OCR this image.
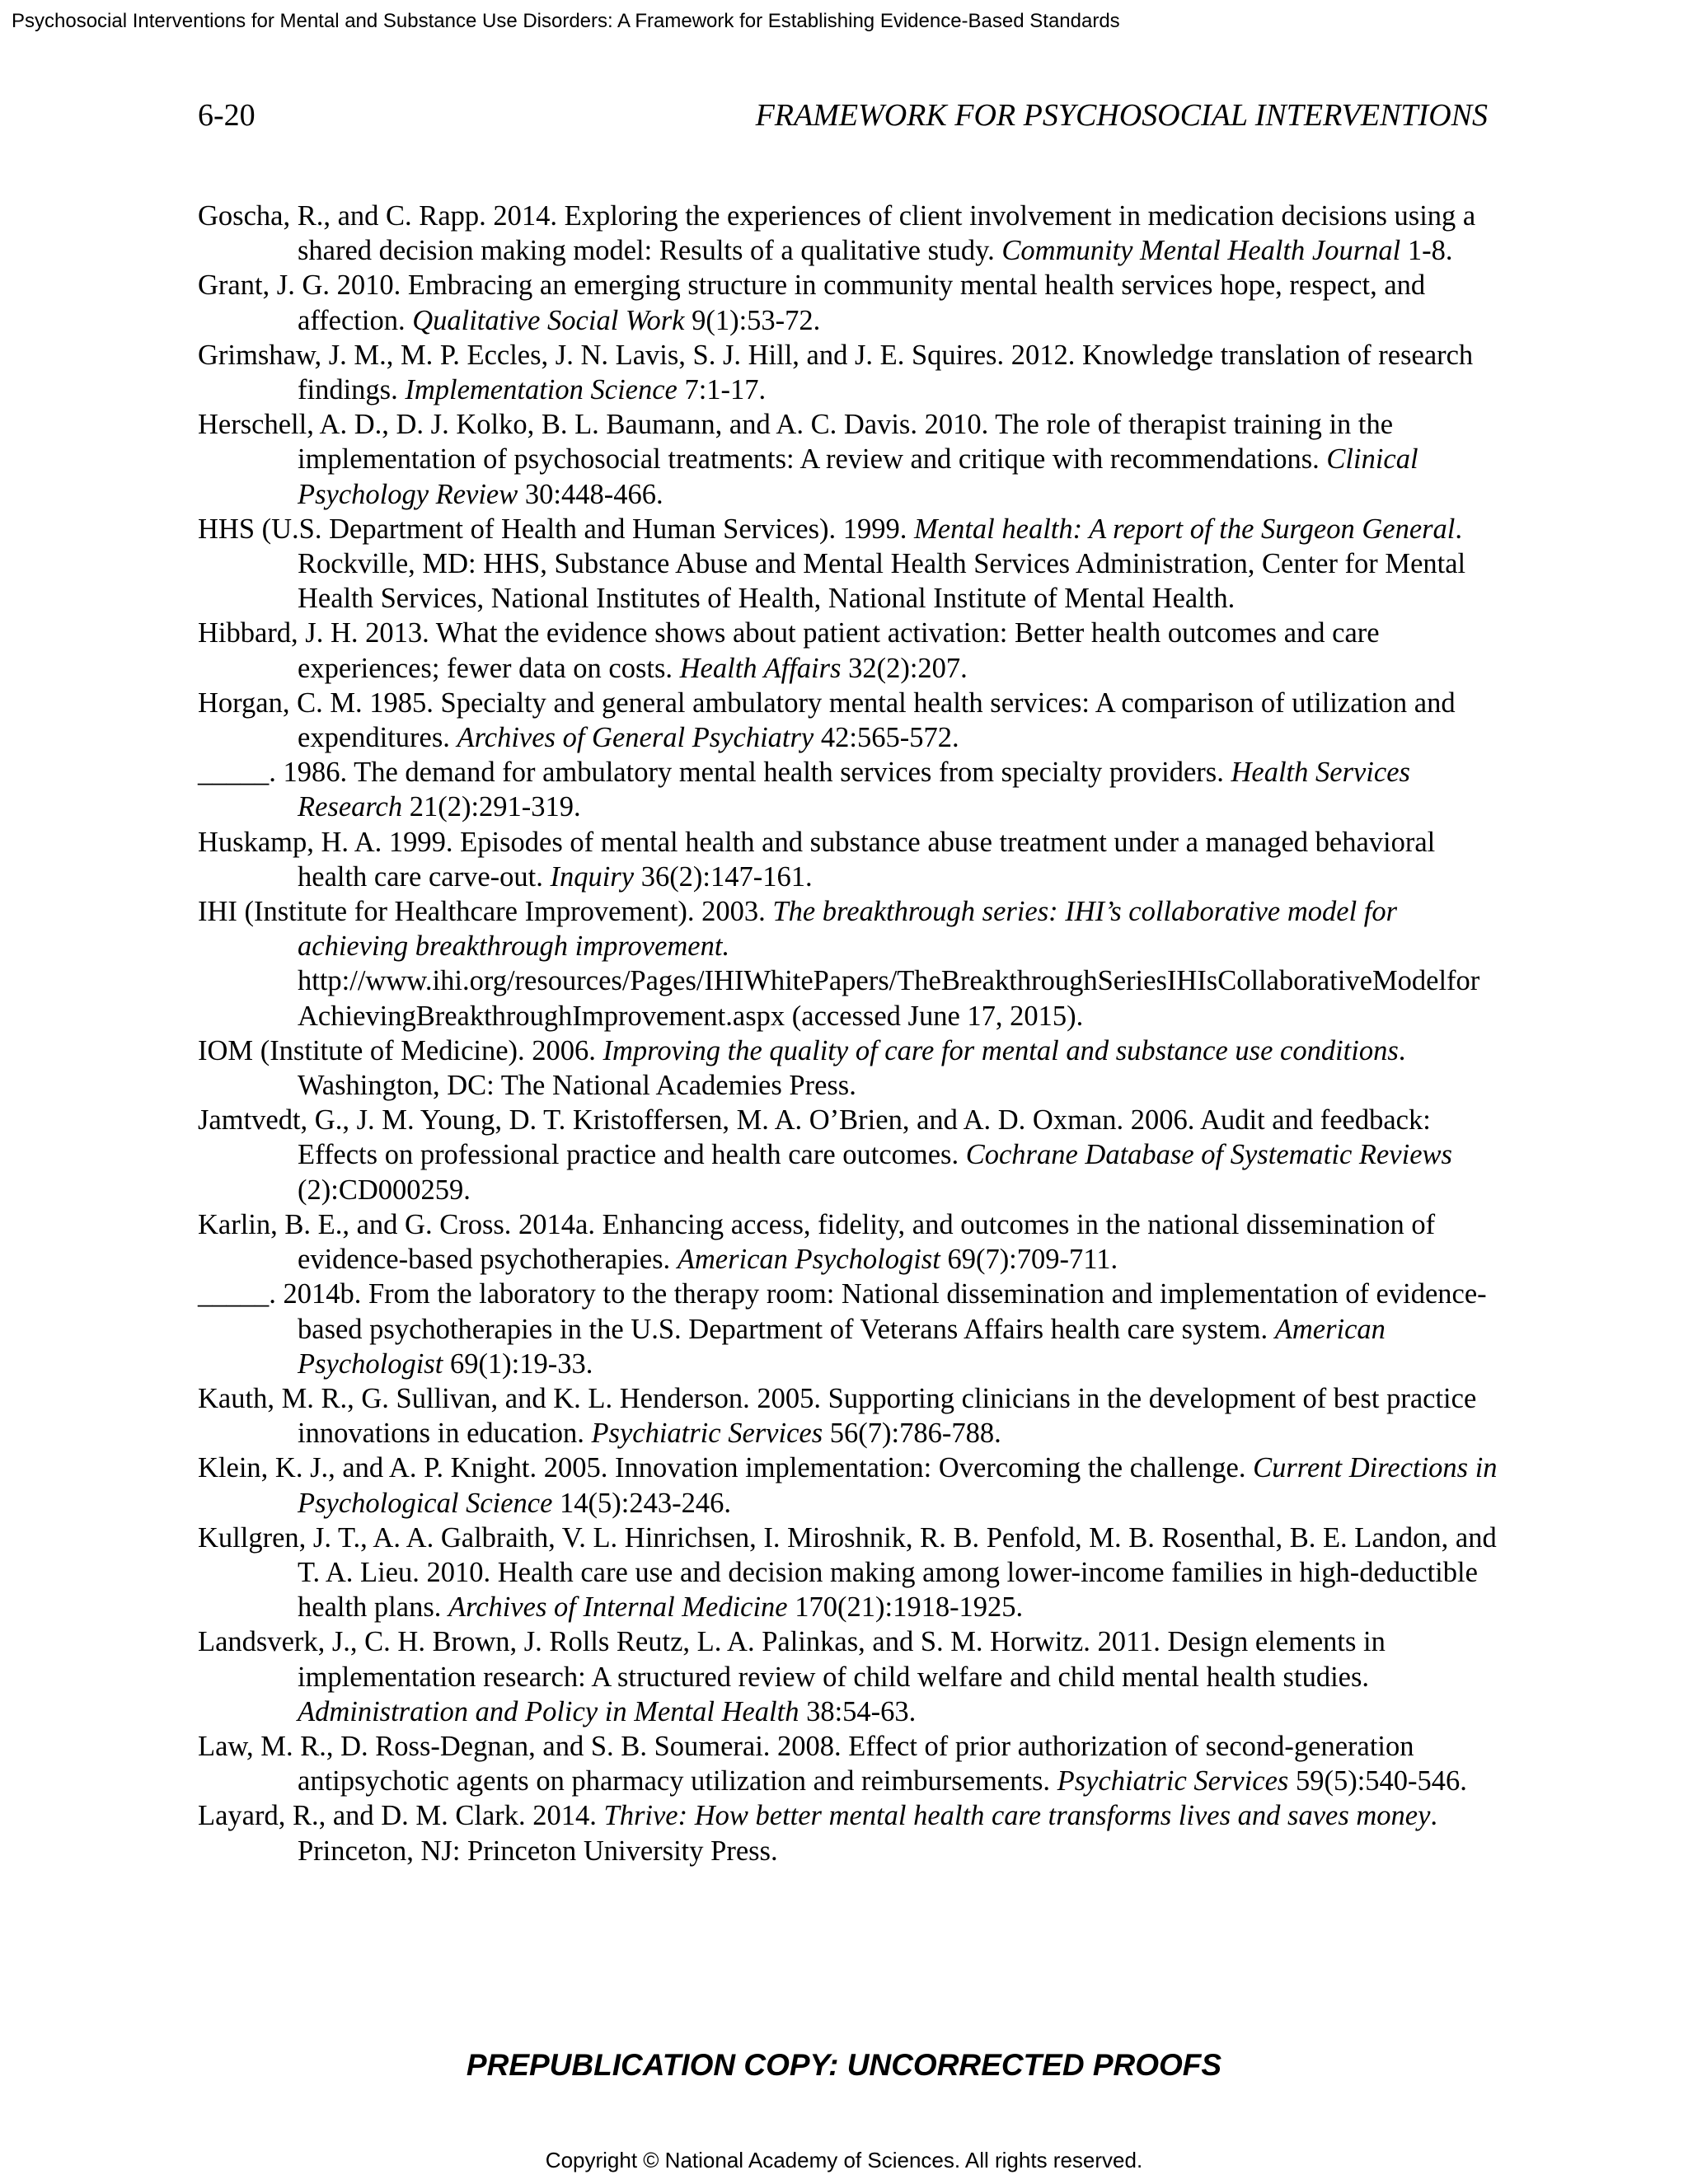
Psychosocial Interventions for Mental and Substance Use Disorders: A Framework for Establishing Evidence-Based Standards
6-20	FRAMEWORK FOR PSYCHOSOCIAL INTERVENTIONS
Goscha, R., and C. Rapp. 2014. Exploring the experiences of client involvement in medication decisions using a shared decision making model: Results of a qualitative study. Community Mental Health Journal 1-8.
Grant, J. G. 2010. Embracing an emerging structure in community mental health services hope, respect, and affection. Qualitative Social Work 9(1):53-72.
Grimshaw, J. M., M. P. Eccles, J. N. Lavis, S. J. Hill, and J. E. Squires. 2012. Knowledge translation of research findings. Implementation Science 7:1-17.
Herschell, A. D., D. J. Kolko, B. L. Baumann, and A. C. Davis. 2010. The role of therapist training in the implementation of psychosocial treatments: A review and critique with recommendations. Clinical Psychology Review 30:448-466.
HHS (U.S. Department of Health and Human Services). 1999. Mental health: A report of the Surgeon General. Rockville, MD: HHS, Substance Abuse and Mental Health Services Administration, Center for Mental Health Services, National Institutes of Health, National Institute of Mental Health.
Hibbard, J. H. 2013. What the evidence shows about patient activation: Better health outcomes and care experiences; fewer data on costs. Health Affairs 32(2):207.
Horgan, C. M. 1985. Specialty and general ambulatory mental health services: A comparison of utilization and expenditures. Archives of General Psychiatry 42:565-572.
_____. 1986. The demand for ambulatory mental health services from specialty providers. Health Services Research 21(2):291-319.
Huskamp, H. A. 1999. Episodes of mental health and substance abuse treatment under a managed behavioral health care carve-out. Inquiry 36(2):147-161.
IHI (Institute for Healthcare Improvement). 2003. The breakthrough series: IHI’s collaborative model for achieving breakthrough improvement.
http://www.ihi.org/resources/Pages/IHIWhitePapers/TheBreakthroughSeriesIHIsCollaborativeModelforAchievingBreakthroughImprovement.aspx (accessed June 17, 2015).
IOM (Institute of Medicine). 2006. Improving the quality of care for mental and substance use conditions. Washington, DC: The National Academies Press.
Jamtvedt, G., J. M. Young, D. T. Kristoffersen, M. A. O’Brien, and A. D. Oxman. 2006. Audit and feedback: Effects on professional practice and health care outcomes. Cochrane Database of Systematic Reviews (2):CD000259.
Karlin, B. E., and G. Cross. 2014a. Enhancing access, fidelity, and outcomes in the national dissemination of evidence-based psychotherapies. American Psychologist 69(7):709-711.
_____. 2014b. From the laboratory to the therapy room: National dissemination and implementation of evidence-based psychotherapies in the U.S. Department of Veterans Affairs health care system. American Psychologist 69(1):19-33.
Kauth, M. R., G. Sullivan, and K. L. Henderson. 2005. Supporting clinicians in the development of best practice innovations in education. Psychiatric Services 56(7):786-788.
Klein, K. J., and A. P. Knight. 2005. Innovation implementation: Overcoming the challenge. Current Directions in Psychological Science 14(5):243-246.
Kullgren, J. T., A. A. Galbraith, V. L. Hinrichsen, I. Miroshnik, R. B. Penfold, M. B. Rosenthal, B. E. Landon, and T. A. Lieu. 2010. Health care use and decision making among lower-income families in high-deductible health plans. Archives of Internal Medicine 170(21):1918-1925.
Landsverk, J., C. H. Brown, J. Rolls Reutz, L. A. Palinkas, and S. M. Horwitz. 2011. Design elements in implementation research: A structured review of child welfare and child mental health studies. Administration and Policy in Mental Health 38:54-63.
Law, M. R., D. Ross-Degnan, and S. B. Soumerai. 2008. Effect of prior authorization of second-generation antipsychotic agents on pharmacy utilization and reimbursements. Psychiatric Services 59(5):540-546.
Layard, R., and D. M. Clark. 2014. Thrive: How better mental health care transforms lives and saves money. Princeton, NJ: Princeton University Press.
PREPUBLICATION COPY: UNCORRECTED PROOFS
Copyright © National Academy of Sciences. All rights reserved.
